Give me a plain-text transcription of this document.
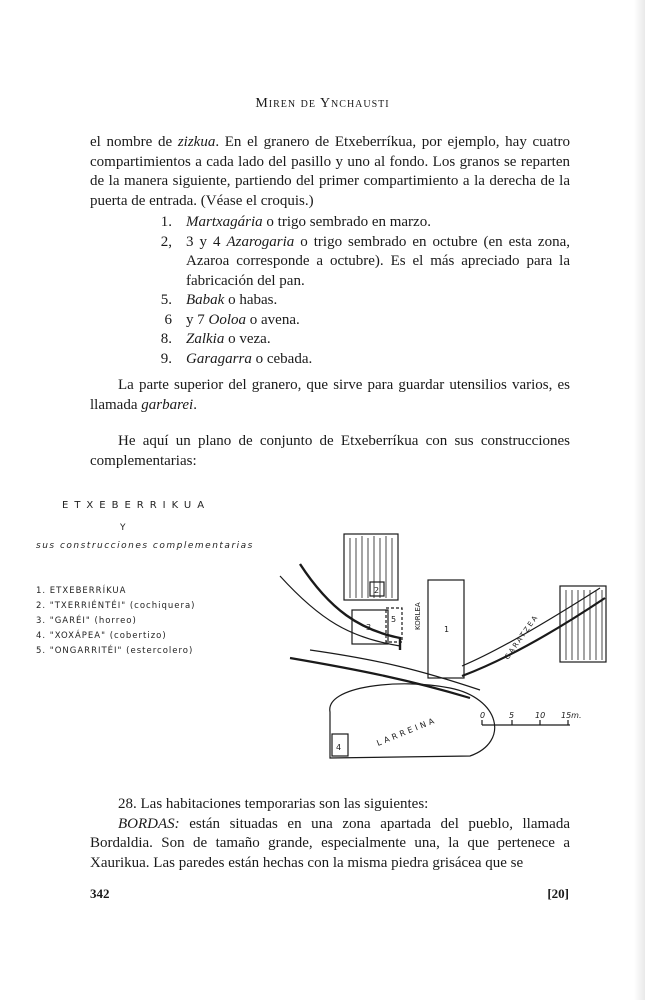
Miren de Ynchausti

el nombre de zizkua. En el granero de Etxeberríkua, por ejemplo, hay cuatro compartimientos a cada lado del pasillo y uno al fondo. Los granos se reparten de la manera siguiente, partiendo del primer compartimiento a la derecha de la puerta de entrada. (Véase el croquis.)

1. Martxagária o trigo sembrado en marzo.
2, 3 y 4 Azarogaria o trigo sembrado en octubre (en esta zona, Azaroa corresponde a octubre). Es el más apreciado para la fabricación del pan.
5. Babak o habas.
6 y 7 Ooloa o avena.
8. Zalkia o veza.
9. Garagarra o cebada.

La parte superior del granero, que sirve para guardar utensilios varios, es llamada garbarei.

He aquí un plano de conjunto de Etxeberríkua con sus construcciones complementarias:

ETXEBERRIKUA
Y
sus construcciones complementarias
1. ETXEBERRÍKUA
2. "TXERRIÉNTÉI" (cochiquera)
3. "GARÉI" (horreo)
4. "XOXÁPEA" (cobertizo)
5. "ONGARRITÉI" (estercolero)
2
1
3
5
4
KORLEA	GARATZEA
LARREINA	0	5	10 15m.

28. Las habitaciones temporarias son las siguientes:
BORDAS: están situadas en una zona apartada del pueblo, llamada Bordaldia. Son de tamaño grande, especialmente una, la que pertenece a Xaurikua. Las paredes están hechas con la misma piedra grisácea que se

342	[20]
